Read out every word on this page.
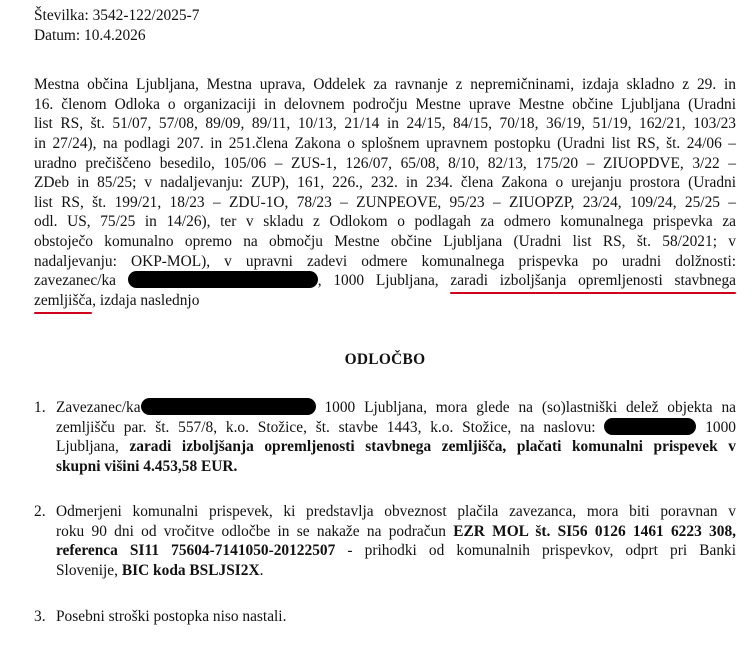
Številka: 3542-122/2025-7
Datum: 10.4.2026
Mestna občina Ljubljana, Mestna uprava, Oddelek za ravnanje z nepremičninami, izdaja skladno z 29. in
16. členom Odloka o organizaciji in delovnem področju Mestne uprave Mestne občine Ljubljana (Uradni
list RS, št. 51/07, 57/08, 89/09, 89/11, 10/13, 21/14 in 24/15, 84/15, 70/18, 36/19, 51/19, 162/21, 103/23
in 27/24), na podlagi 207. in 251.člena Zakona o splošnem upravnem postopku (Uradni list RS, št. 24/06 –
uradno prečiščeno besedilo, 105/06 – ZUS-1, 126/07, 65/08, 8/10, 82/13, 175/20 – ZIUOPDVE, 3/22 –
ZDeb in 85/25; v nadaljevanju: ZUP), 161, 226., 232. in 234. člena Zakona o urejanju prostora (Uradni
list RS, št. 199/21, 18/23 – ZDU-1O, 78/23 – ZUNPEOVE, 95/23 – ZIUOPZP, 23/24, 109/24, 25/25 –
odl. US, 75/25 in 14/26), ter v skladu z Odlokom o podlagah za odmero komunalnega prispevka za
obstoječo komunalno opremo na območju Mestne občine Ljubljana (Uradni list RS, št. 58/2021; v
nadaljevanju: OKP-MOL), v upravni zadevi odmere komunalnega prispevka po uradni dolžnosti:
zavezanec/ka	, 1000 Ljubljana, zaradi izboljšanja opremljenosti stavbnega
zemljišča, izdaja naslednjo
ODLOČBO
1. Zavezanec/ka	1000 Ljubljana, mora glede na (so)lastniški delež objekta na
zemljišču par. št. 557/8, k.o. Stožice, št. stavbe 1443, k.o. Stožice, na naslovu:	1000
Ljubljana, zaradi izboljšanja opremljenosti stavbnega zemljišča, plačati komunalni prispevek v
skupni višini 4.453,58 EUR.
2. Odmerjeni komunalni prispevek, ki predstavlja obveznost plačila zavezanca, mora biti poravnan v
roku 90 dni od vročitve odločbe in se nakaže na podračun EZR MOL št. SI56 0126 1461 6223 308,
referenca SI11 75604-7141050-20122507 - prihodki od komunalnih prispevkov, odprt pri Banki
Slovenije, BIC koda BSLJSI2X.
3. Posebni stroški postopka niso nastali.
